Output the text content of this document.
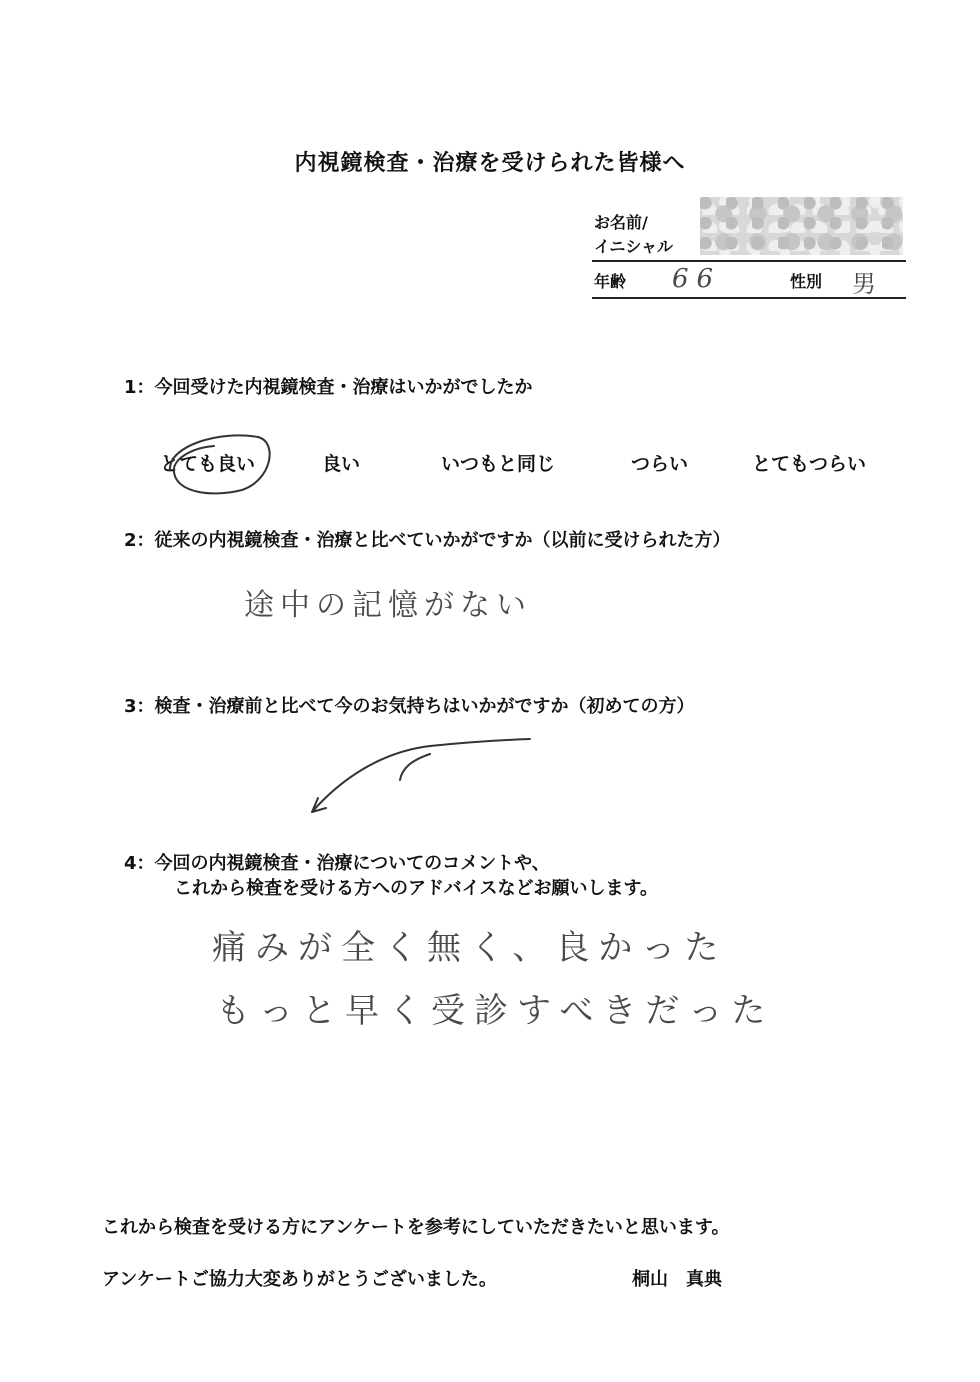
内視鏡検査・治療を受けられた皆様へ
お名前/
イニシャル
年齢 66	性別 男
1：今回受けた内視鏡検査・治療はいかがでしたか
とても良い	良い	いつもと同じ	つらい	とてもつらい
2：従来の内視鏡検査・治療と比べていかがですか（以前に受けられた方）
途中の記憶がない
3：検査・治療前と比べて今のお気持ちはいかがですか（初めての方）
4：今回の内視鏡検査・治療についてのコメントや、
これから検査を受ける方へのアドバイスなどお願いします。
痛みが全く無く、良かった
もっと早く受診すべきだった
これから検査を受ける方にアンケートを参考にしていただきたいと思います。
アンケートご協力大変ありがとうございました。	桐山　真典
